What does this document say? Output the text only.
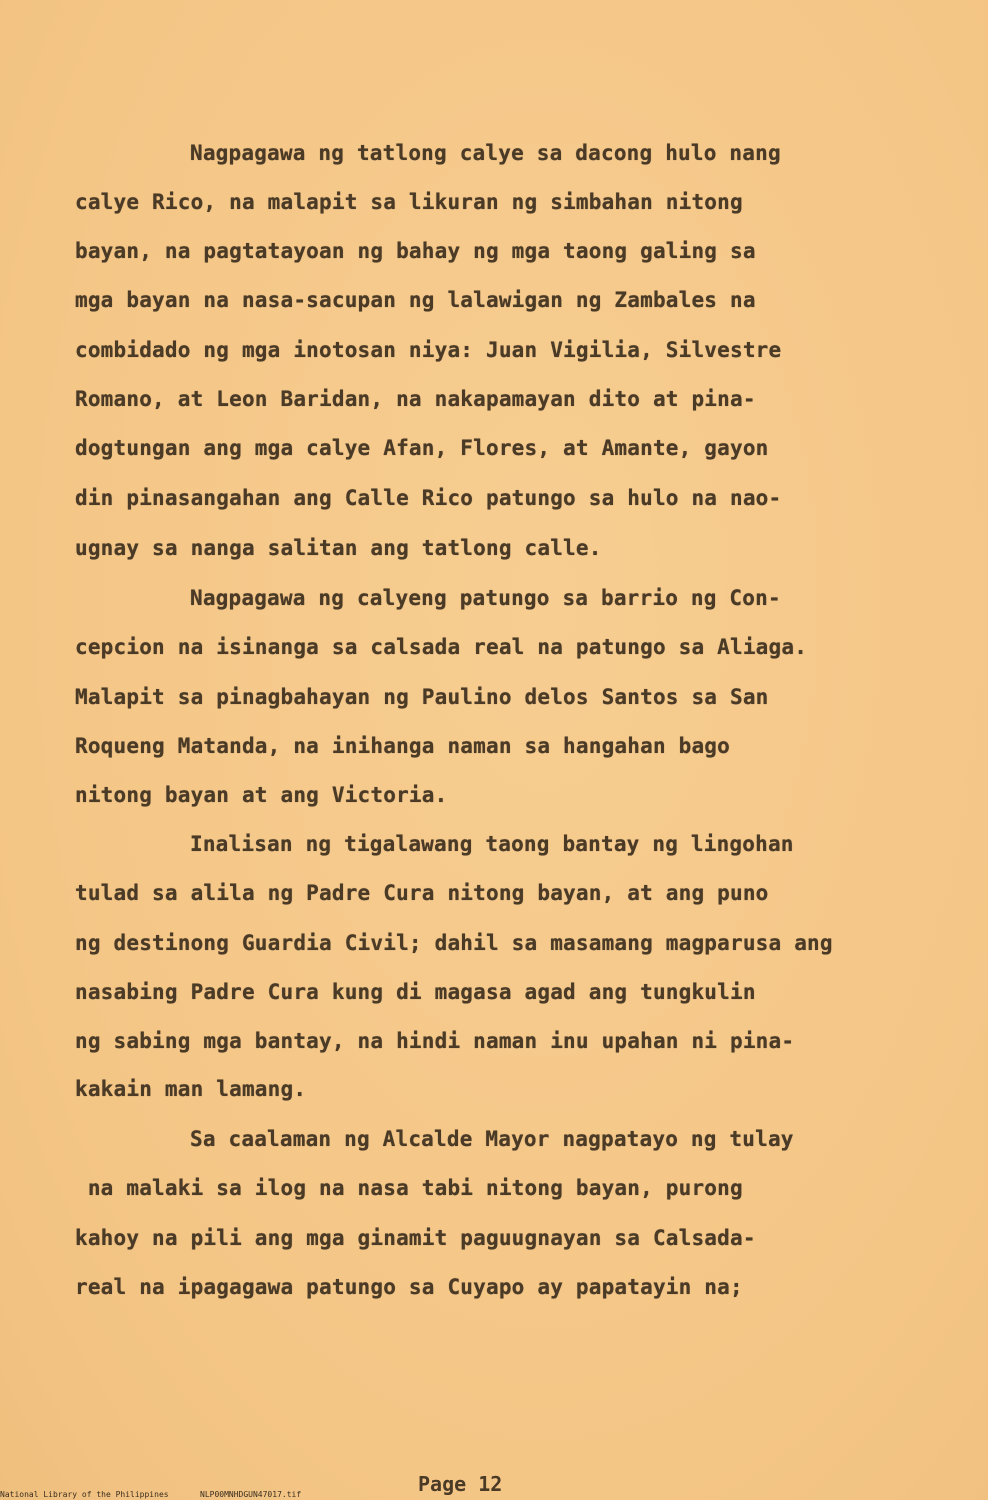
Nagpagawa ng tatlong calye sa dacong hulo nang
calye Rico, na malapit sa likuran ng simbahan nitong
bayan, na pagtatayoan ng bahay ng mga taong galing sa
mga bayan na nasa-sacupan ng lalawigan ng Zambales na
combidado ng mga inotosan niya: Juan Vigilia, Silvestre
Romano, at Leon Baridan, na nakapamayan dito at pina-
dogtungan ang mga calye Afan, Flores, at Amante, gayon
din pinasangahan ang Calle Rico patungo sa hulo na nao-
ugnay sa nanga salitan ang tatlong calle.
Nagpagawa ng calyeng patungo sa barrio ng Con-
cepcion na isinanga sa calsada real na patungo sa Aliaga.
Malapit sa pinagbahayan ng Paulino delos Santos sa San
Roqueng Matanda, na inihanga naman sa hangahan bago
nitong bayan at ang Victoria.
Inalisan ng tigalawang taong bantay ng lingohan
tulad sa alila ng Padre Cura nitong bayan, at ang puno
ng destinong Guardia Civil; dahil sa masamang magparusa ang
nasabing Padre Cura kung di magasa agad ang tungkulin
ng sabing mga bantay, na hindi naman inu upahan ni pina-
kakain man lamang.
Sa caalaman ng Alcalde Mayor nagpatayo ng tulay
na malaki sa ilog na nasa tabi nitong bayan, purong
kahoy na pili ang mga ginamit paguugnayan sa Calsada-
real na ipagagawa patungo sa Cuyapo ay papatayin na;
Page 12
National Library of the Philippines	NLP00MNHDGUN47017.tif
